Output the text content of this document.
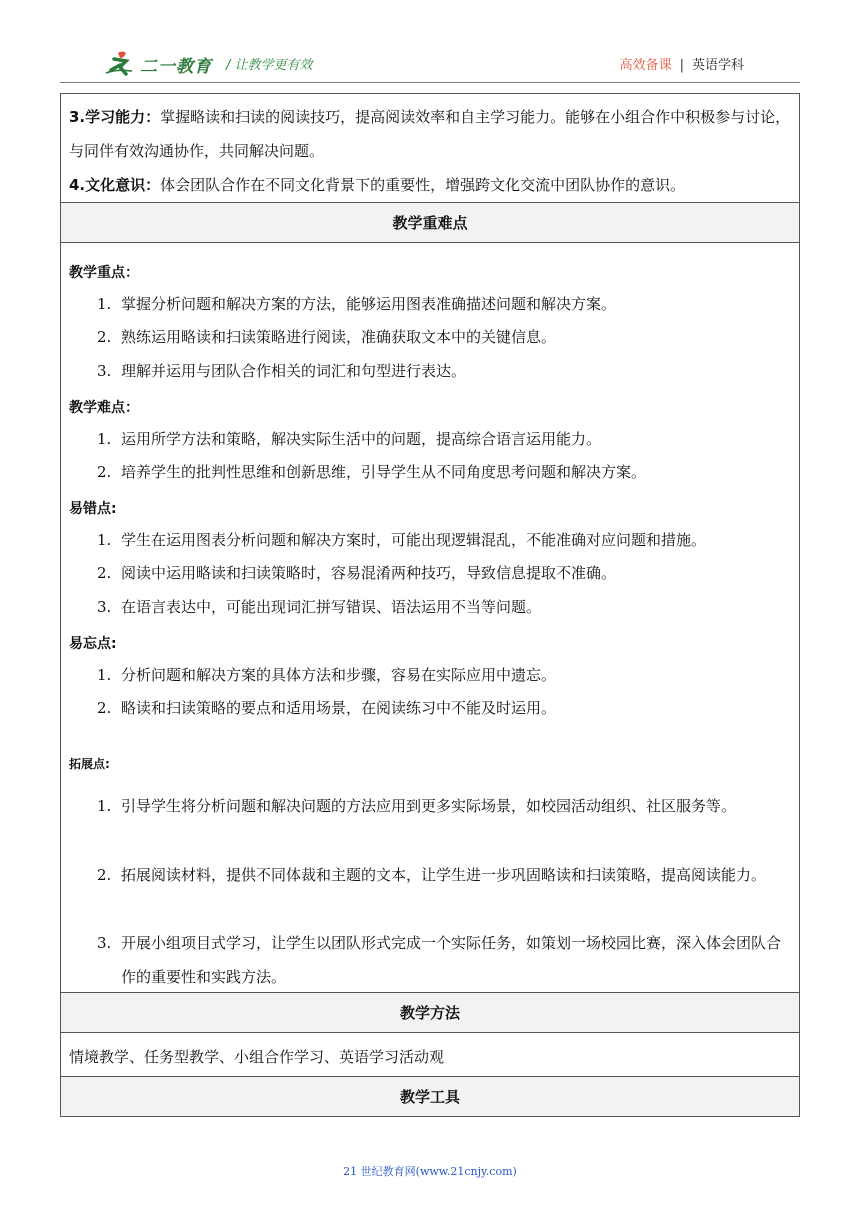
二一教育 / 让教学更有效	高效备课 | 英语学科
3.学习能力：掌握略读和扫读的阅读技巧，提高阅读效率和自主学习能力。能够在小组合作中积极参与讨论，与同伴有效沟通协作，共同解决问题。
4.文化意识：体会团队合作在不同文化背景下的重要性，增强跨文化交流中团队协作的意识。
教学重难点
教学重点：
1. 掌握分析问题和解决方案的方法，能够运用图表准确描述问题和解决方案。
2. 熟练运用略读和扫读策略进行阅读，准确获取文本中的关键信息。
3. 理解并运用与团队合作相关的词汇和句型进行表达。
教学难点：
1. 运用所学方法和策略，解决实际生活中的问题，提高综合语言运用能力。
2. 培养学生的批判性思维和创新思维，引导学生从不同角度思考问题和解决方案。
易错点:
1. 学生在运用图表分析问题和解决方案时，可能出现逻辑混乱，不能准确对应问题和措施。
2. 阅读中运用略读和扫读策略时，容易混淆两种技巧，导致信息提取不准确。
3. 在语言表达中，可能出现词汇拼写错误、语法运用不当等问题。
易忘点:
1. 分析问题和解决方案的具体方法和步骤，容易在实际应用中遗忘。
2. 略读和扫读策略的要点和适用场景，在阅读练习中不能及时运用。
拓展点:
1. 引导学生将分析问题和解决问题的方法应用到更多实际场景，如校园活动组织、社区服务等。
2. 拓展阅读材料，提供不同体裁和主题的文本，让学生进一步巩固略读和扫读策略，提高阅读能力。
3. 开展小组项目式学习，让学生以团队形式完成一个实际任务，如策划一场校园比赛，深入体会团队合作的重要性和实践方法。
教学方法
情境教学、任务型教学、小组合作学习、英语学习活动观
教学工具
21 世纪教育网(www.21cnjy.com)
